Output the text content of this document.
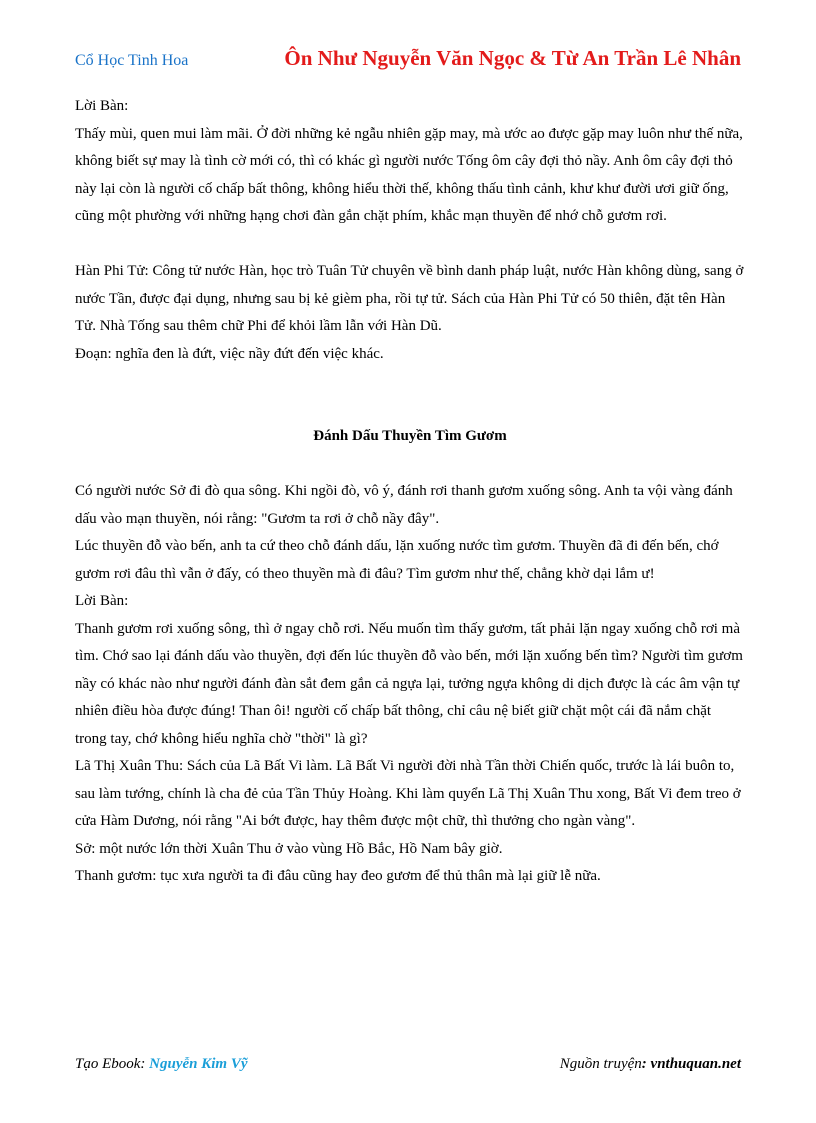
Cổ Học Tinh Hoa	Ôn Như Nguyễn Văn Ngọc & Từ An Trần Lê Nhân

Lời Bàn:

Thấy mùi, quen mui làm mãi. Ở đời những kẻ ngẫu nhiên gặp may, mà ước ao được gặp may luôn như thế nữa, không biết sự may là tình cờ mới có, thì có khác gì người nước Tống ôm cây đợi thỏ nầy. Anh ôm cây đợi thỏ này lại còn là người cố chấp bất thông, không hiểu thời thế, không thấu tình cảnh, khư khư đười ươi giữ ống, cũng một phường với những hạng chơi đàn gắn chặt phím, khắc mạn thuyền để nhớ chỗ gươm rơi.

Hàn Phi Tử: Công tử nước Hàn, học trò Tuân Tử chuyên về bình danh pháp luật, nước Hàn không dùng, sang ở nước Tần, được đại dụng, nhưng sau bị kẻ gièm pha, rồi tự tử. Sách của Hàn Phi Tử có 50 thiên, đặt tên Hàn Tử. Nhà Tống sau thêm chữ Phi để khỏi lầm lẫn với Hàn Dũ.

Đoạn: nghĩa đen là đứt, việc nầy đứt đến việc khác.

Đánh Dấu Thuyền Tìm Gươm

Có người nước Sở đi đò qua sông. Khi ngồi đò, vô ý, đánh rơi thanh gươm xuống sông. Anh ta vội vàng đánh dấu vào mạn thuyền, nói rằng: "Gươm ta rơi ở chỗ nầy đây".

Lúc thuyền đỗ vào bến, anh ta cứ theo chỗ đánh dấu, lặn xuống nước tìm gươm. Thuyền đã đi đến bến, chớ gươm rơi đâu thì vẫn ở đấy, có theo thuyền mà đi đâu? Tìm gươm như thế, chẳng khờ dại lắm ư!

Lời Bàn:

Thanh gươm rơi xuống sông, thì ở ngay chỗ rơi. Nếu muốn tìm thấy gươm, tất phải lặn ngay xuống chỗ rơi mà tìm. Chớ sao lại đánh dấu vào thuyền, đợi đến lúc thuyền đỗ vào bến, mới lặn xuống bến tìm? Người tìm gươm nầy có khác nào như người đánh đàn sắt đem gắn cả ngựa lại, tưởng ngựa không di dịch được là các âm vận tự nhiên điều hòa được đúng! Than ôi! người cố chấp bất thông, chỉ câu nệ biết giữ chặt một cái đã nắm chặt trong tay, chớ không hiểu nghĩa chờ "thời" là gì?

Lã Thị Xuân Thu: Sách của Lã Bất Vi làm. Lã Bất Vi người đời nhà Tần thời Chiến quốc, trước là lái buôn to, sau làm tướng, chính là cha đẻ của Tần Thủy Hoàng. Khi làm quyển Lã Thị Xuân Thu xong, Bất Vi đem treo ở cửa Hàm Dương, nói rằng "Ai bớt được, hay thêm được một chữ, thì thưởng cho ngàn vàng".

Sở: một nước lớn thời Xuân Thu ở vào vùng Hồ Bắc, Hồ Nam bây giờ.

Thanh gươm: tục xưa người ta đi đâu cũng hay đeo gươm để thủ thân mà lại giữ lễ nữa.

Tạo Ebook: Nguyễn Kim Vỹ	Nguồn truyện: vnthuquan.net
